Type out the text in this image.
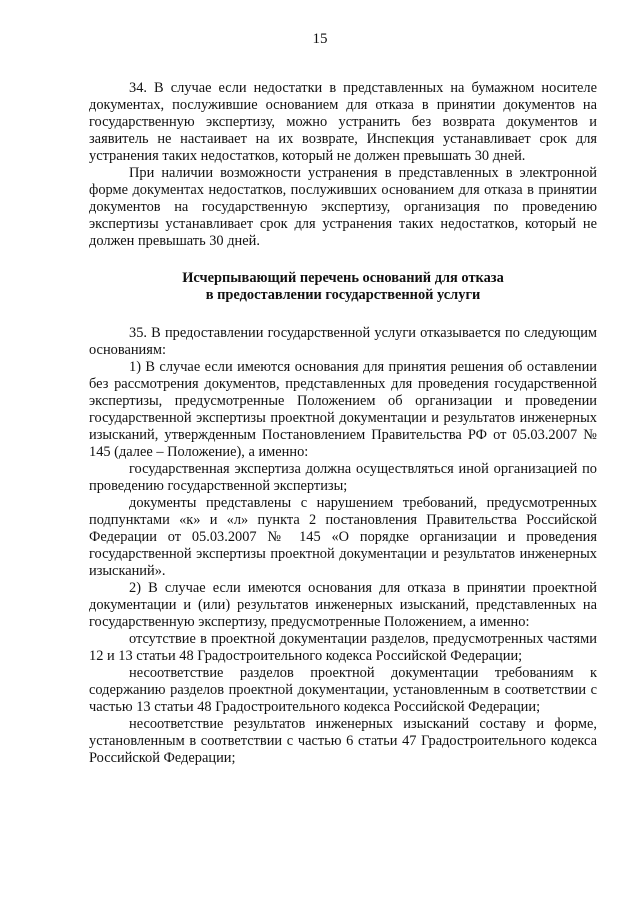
15

34. В случае если недостатки в представленных на бумажном носителе документах, послужившие основанием для отказа в принятии документов на государственную экспертизу, можно устранить без возврата документов и заявитель не настаивает на их возврате, Инспекция устанавливает срок для устранения таких недостатков, который не должен превышать 30 дней.

При наличии возможности устранения в представленных в электронной форме документах недостатков, послуживших основанием для отказа в принятии документов на государственную экспертизу, организация по проведению экспертизы устанавливает срок для устранения таких недостатков, который не должен превышать 30 дней.

Исчерпывающий перечень оснований для отказа
в предоставлении государственной услуги

35. В предоставлении государственной услуги отказывается по следующим основаниям:

1) В случае если имеются основания для принятия решения об оставлении без рассмотрения документов, представленных для проведения государственной экспертизы, предусмотренные Положением об организации и проведении государственной экспертизы проектной документации и результатов инженерных изысканий, утвержденным Постановлением Правительства РФ от 05.03.2007 № 145 (далее – Положение), а именно:

государственная экспертиза должна осуществляться иной организацией по проведению государственной экспертизы;

документы представлены с нарушением требований, предусмотренных подпунктами «к» и «л» пункта 2 постановления Правительства Российской Федерации от 05.03.2007 № 145 «О порядке организации и проведения государственной экспертизы проектной документации и результатов инженерных изысканий».

2) В случае если имеются основания для отказа в принятии проектной документации и (или) результатов инженерных изысканий, представленных на государственную экспертизу, предусмотренные Положением, а именно:

отсутствие в проектной документации разделов, предусмотренных частями 12 и 13 статьи 48 Градостроительного кодекса Российской Федерации;

несоответствие разделов проектной документации требованиям к содержанию разделов проектной документации, установленным в соответствии с частью 13 статьи 48 Градостроительного кодекса Российской Федерации;

несоответствие результатов инженерных изысканий составу и форме, установленным в соответствии с частью 6 статьи 47 Градостроительного кодекса Российской Федерации;
